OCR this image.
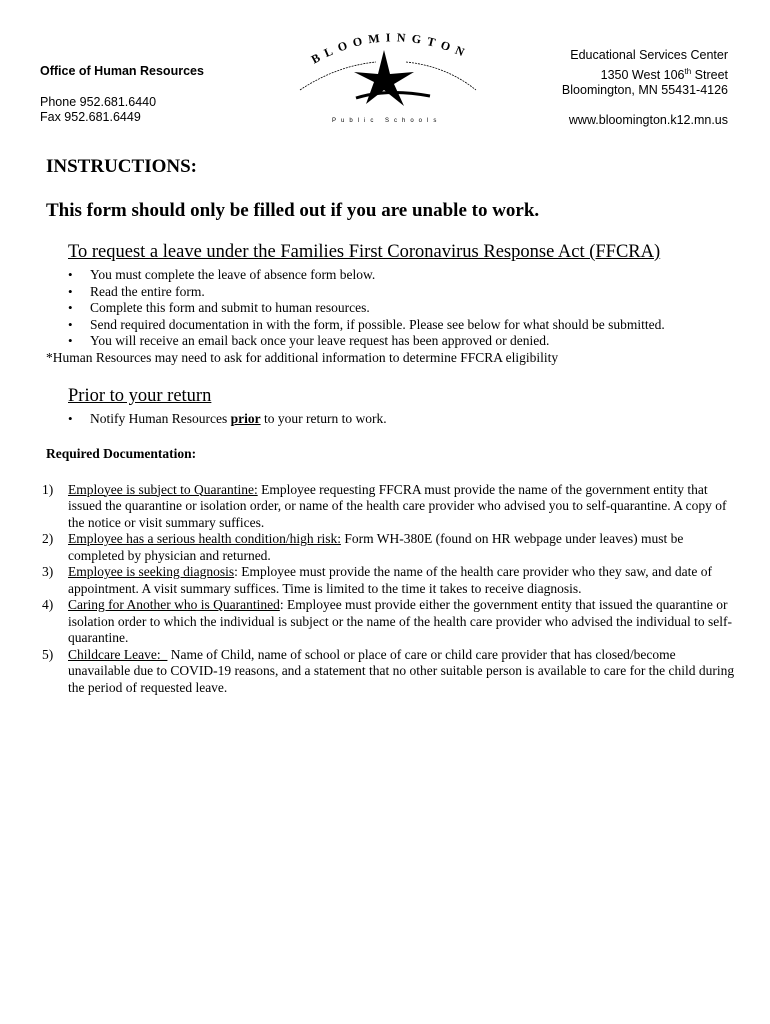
Office of Human Resources
Phone 952.681.6440
Fax 952.681.6449
BLOOMINGTON
Public Schools
Educational Services Center
1350 West 106th Street
Bloomington, MN 55431-4126
www.bloomington.k12.mn.us
INSTRUCTIONS:
This form should only be filled out if you are unable to work.
To request a leave under the Families First Coronavirus Response Act (FFCRA)
• You must complete the leave of absence form below.
• Read the entire form.
• Complete this form and submit to human resources.
• Send required documentation in with the form, if possible. Please see below for what should be submitted.
• You will receive an email back once your leave request has been approved or denied.
*Human Resources may need to ask for additional information to determine FFCRA eligibility
Prior to your return
• Notify Human Resources prior to your return to work.
Required Documentation:
1) Employee is subject to Quarantine: Employee requesting FFCRA must provide the name of the government entity that issued the quarantine or isolation order, or name of the health care provider who advised you to self-quarantine. A copy of the notice or visit summary suffices.
2) Employee has a serious health condition/high risk: Form WH-380E (found on HR webpage under leaves) must be completed by physician and returned.
3) Employee is seeking diagnosis: Employee must provide the name of the health care provider who they saw, and date of appointment. A visit summary suffices. Time is limited to the time it takes to receive diagnosis.
4) Caring for Another who is Quarantined: Employee must provide either the government entity that issued the quarantine or isolation order to which the individual is subject or the name of the health care provider who advised the individual to self-quarantine.
5) Childcare Leave:_ Name of Child, name of school or place of care or child care provider that has closed/become unavailable due to COVID-19 reasons, and a statement that no other suitable person is available to care for the child during the period of requested leave.
